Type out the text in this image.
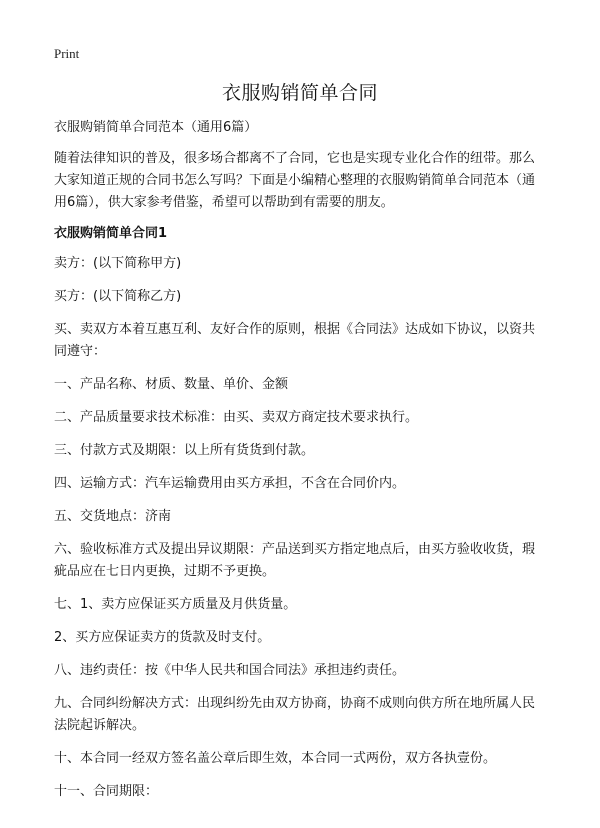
Print
衣服购销简单合同

衣服购销简单合同范本（通用6篇）

随着法律知识的普及，很多场合都离不了合同，它也是实现专业化合作的纽带。那么大家知道正规的合同书怎么写吗？下面是小编精心整理的衣服购销简单合同范本（通用6篇），供大家参考借鉴，希望可以帮助到有需要的朋友。

衣服购销简单合同1

卖方：(以下简称甲方)

买方：(以下简称乙方)

买、卖双方本着互惠互利、友好合作的原则，根据《合同法》达成如下协议，以资共同遵守：

一、产品名称、材质、数量、单价、金额

二、产品质量要求技术标准：由买、卖双方商定技术要求执行。

三、付款方式及期限：以上所有货货到付款。

四、运输方式：汽车运输费用由买方承担，不含在合同价内。

五、交货地点：济南

六、验收标准方式及提出异议期限：产品送到买方指定地点后，由买方验收收货，瑕疵品应在七日内更换，过期不予更换。

七、1、卖方应保证买方质量及月供货量。

2、买方应保证卖方的货款及时支付。

八、违约责任：按《中华人民共和国合同法》承担违约责任。

九、合同纠纷解决方式：出现纠纷先由双方协商，协商不成则向供方所在地所属人民法院起诉解决。

十、本合同一经双方签名盖公章后即生效，本合同一式两份，双方各执壹份。

十一、合同期限：
